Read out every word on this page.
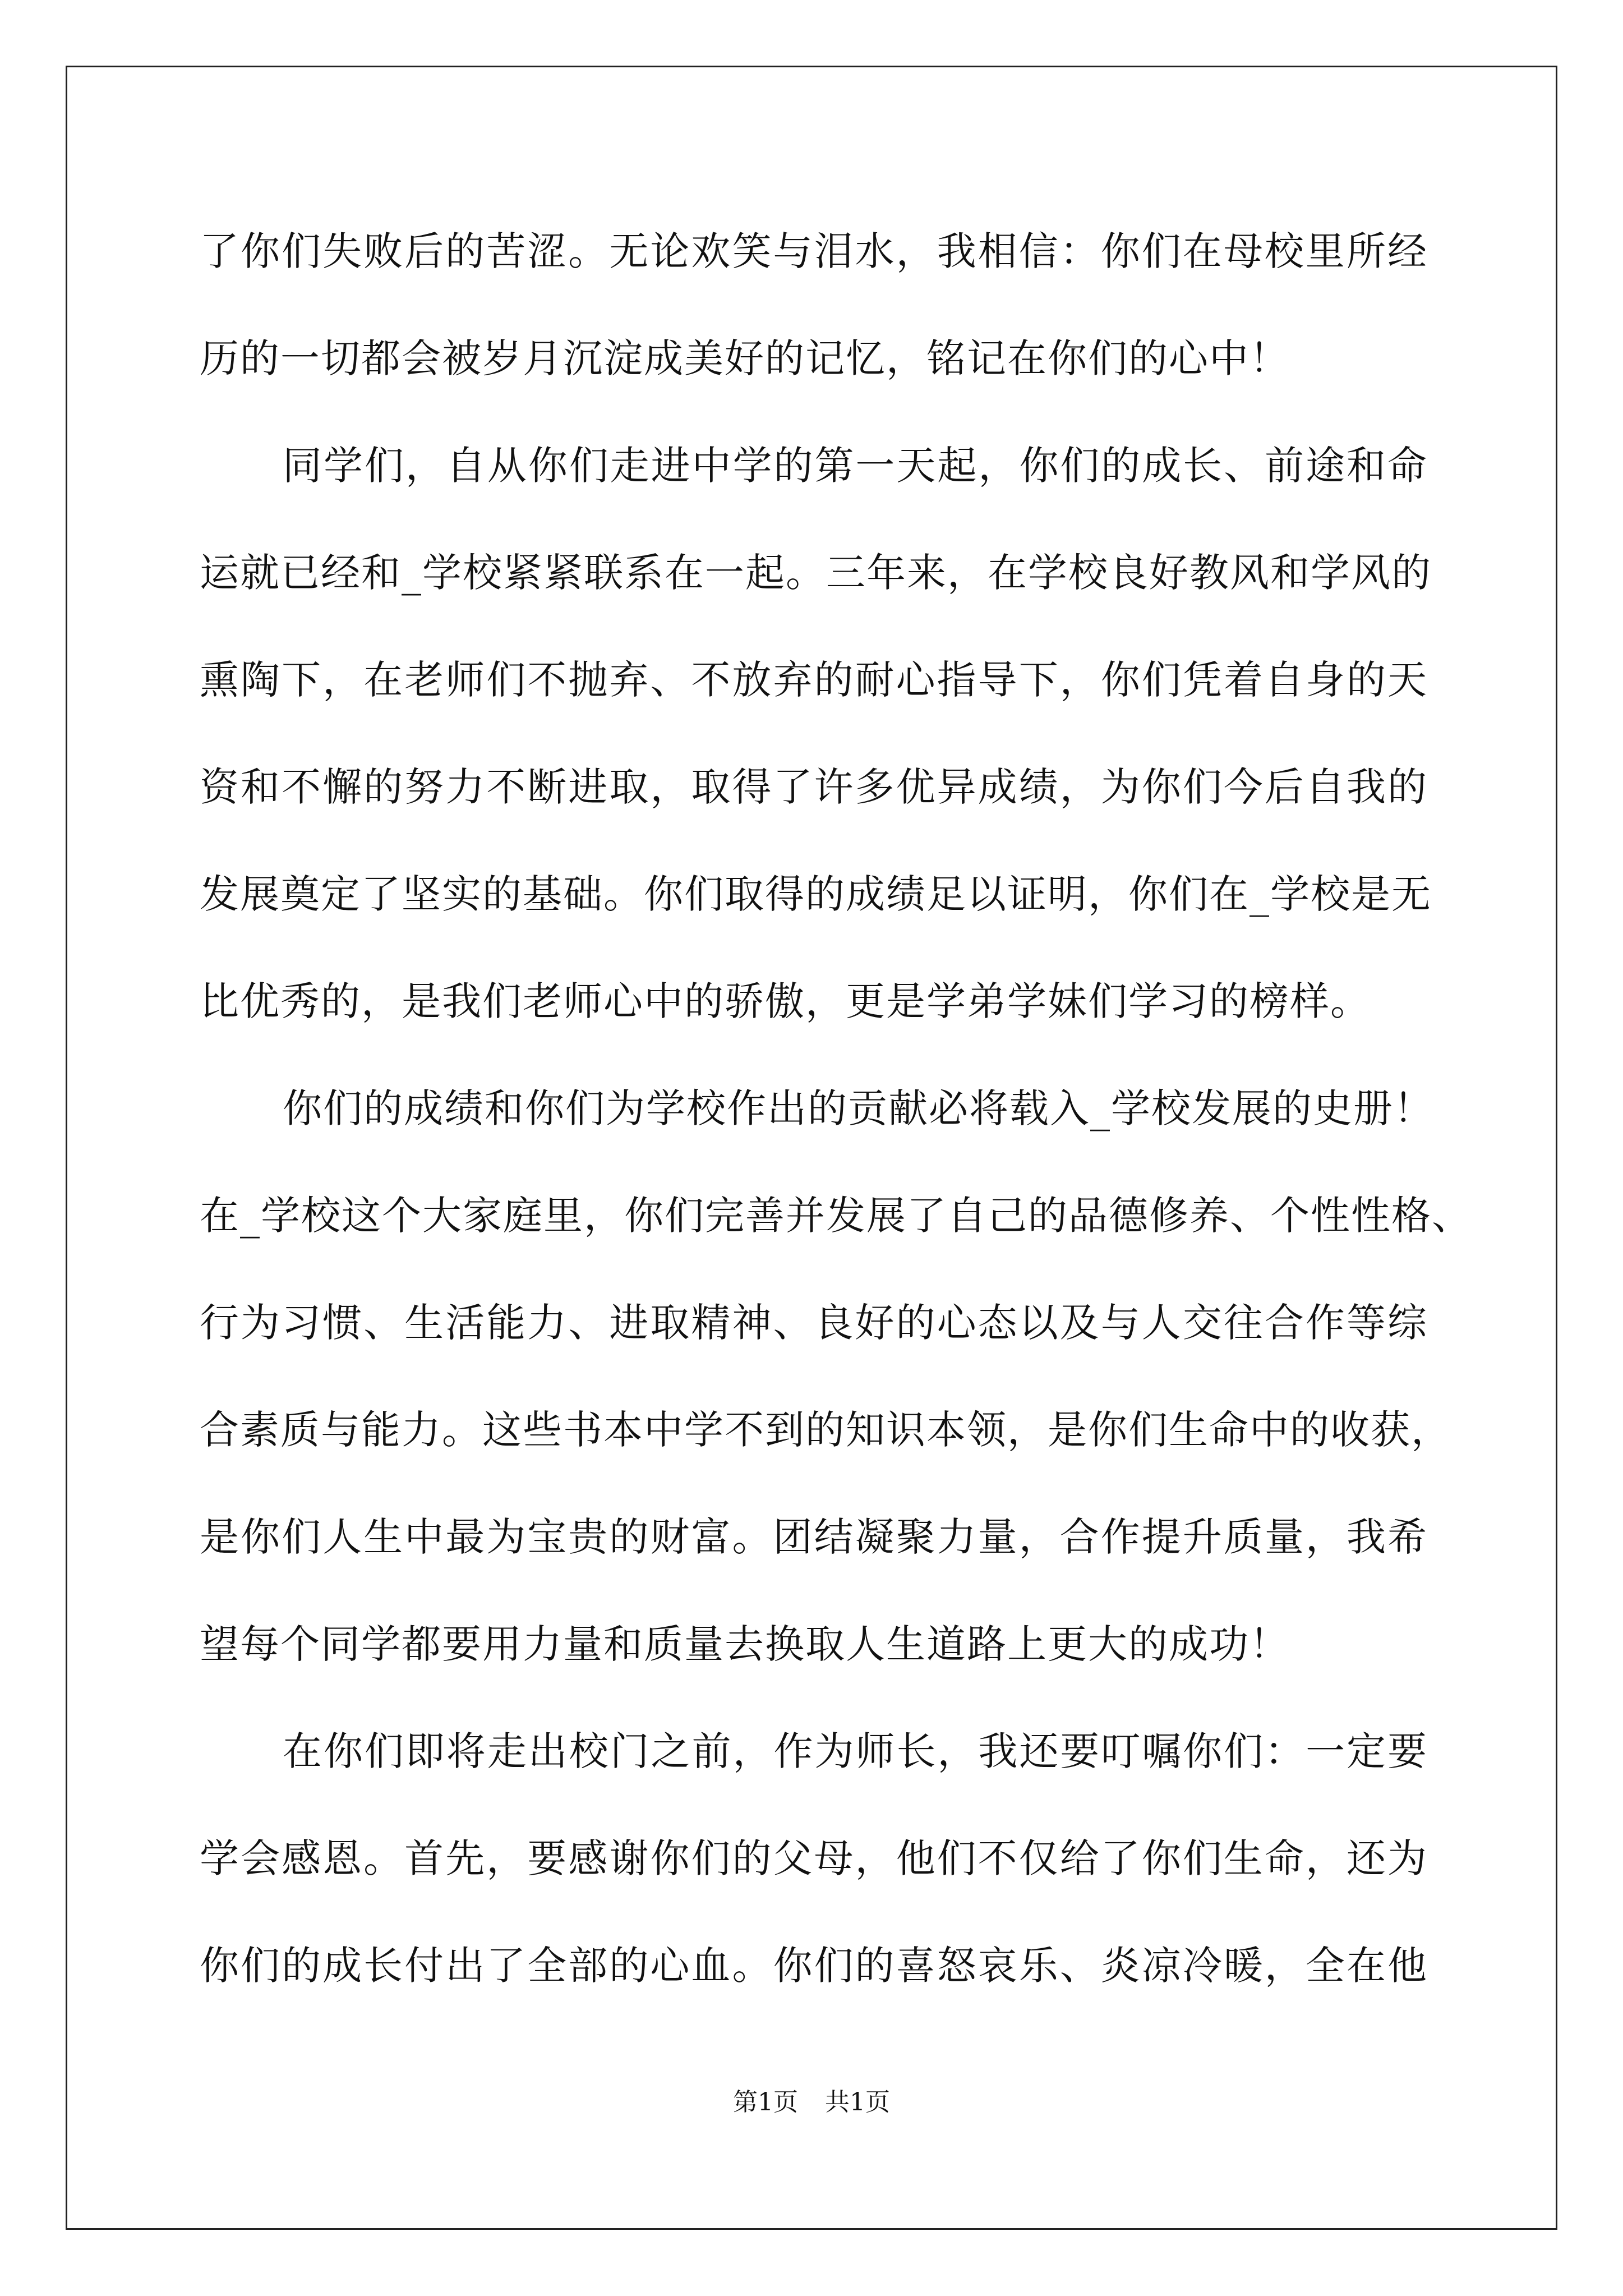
了你们失败后的苦涩。无论欢笑与泪水，我相信：你们在母校里所经
历的一切都会被岁月沉淀成美好的记忆，铭记在你们的心中！
同学们，自从你们走进中学的第一天起，你们的成长、前途和命
运就已经和_学校紧紧联系在一起。三年来，在学校良好教风和学风的
熏陶下，在老师们不抛弃、不放弃的耐心指导下，你们凭着自身的天
资和不懈的努力不断进取，取得了许多优异成绩，为你们今后自我的
发展奠定了坚实的基础。你们取得的成绩足以证明，你们在_学校是无
比优秀的，是我们老师心中的骄傲，更是学弟学妹们学习的榜样。
你们的成绩和你们为学校作出的贡献必将载入_学校发展的史册！
在_学校这个大家庭里，你们完善并发展了自己的品德修养、个性性格、
行为习惯、生活能力、进取精神、良好的心态以及与人交往合作等综
合素质与能力。这些书本中学不到的知识本领，是你们生命中的收获，
是你们人生中最为宝贵的财富。团结凝聚力量，合作提升质量，我希
望每个同学都要用力量和质量去换取人生道路上更大的成功！
在你们即将走出校门之前，作为师长，我还要叮嘱你们：一定要
学会感恩。首先，要感谢你们的父母，他们不仅给了你们生命，还为
你们的成长付出了全部的心血。你们的喜怒哀乐、炎凉冷暖，全在他
第1页 共1页
